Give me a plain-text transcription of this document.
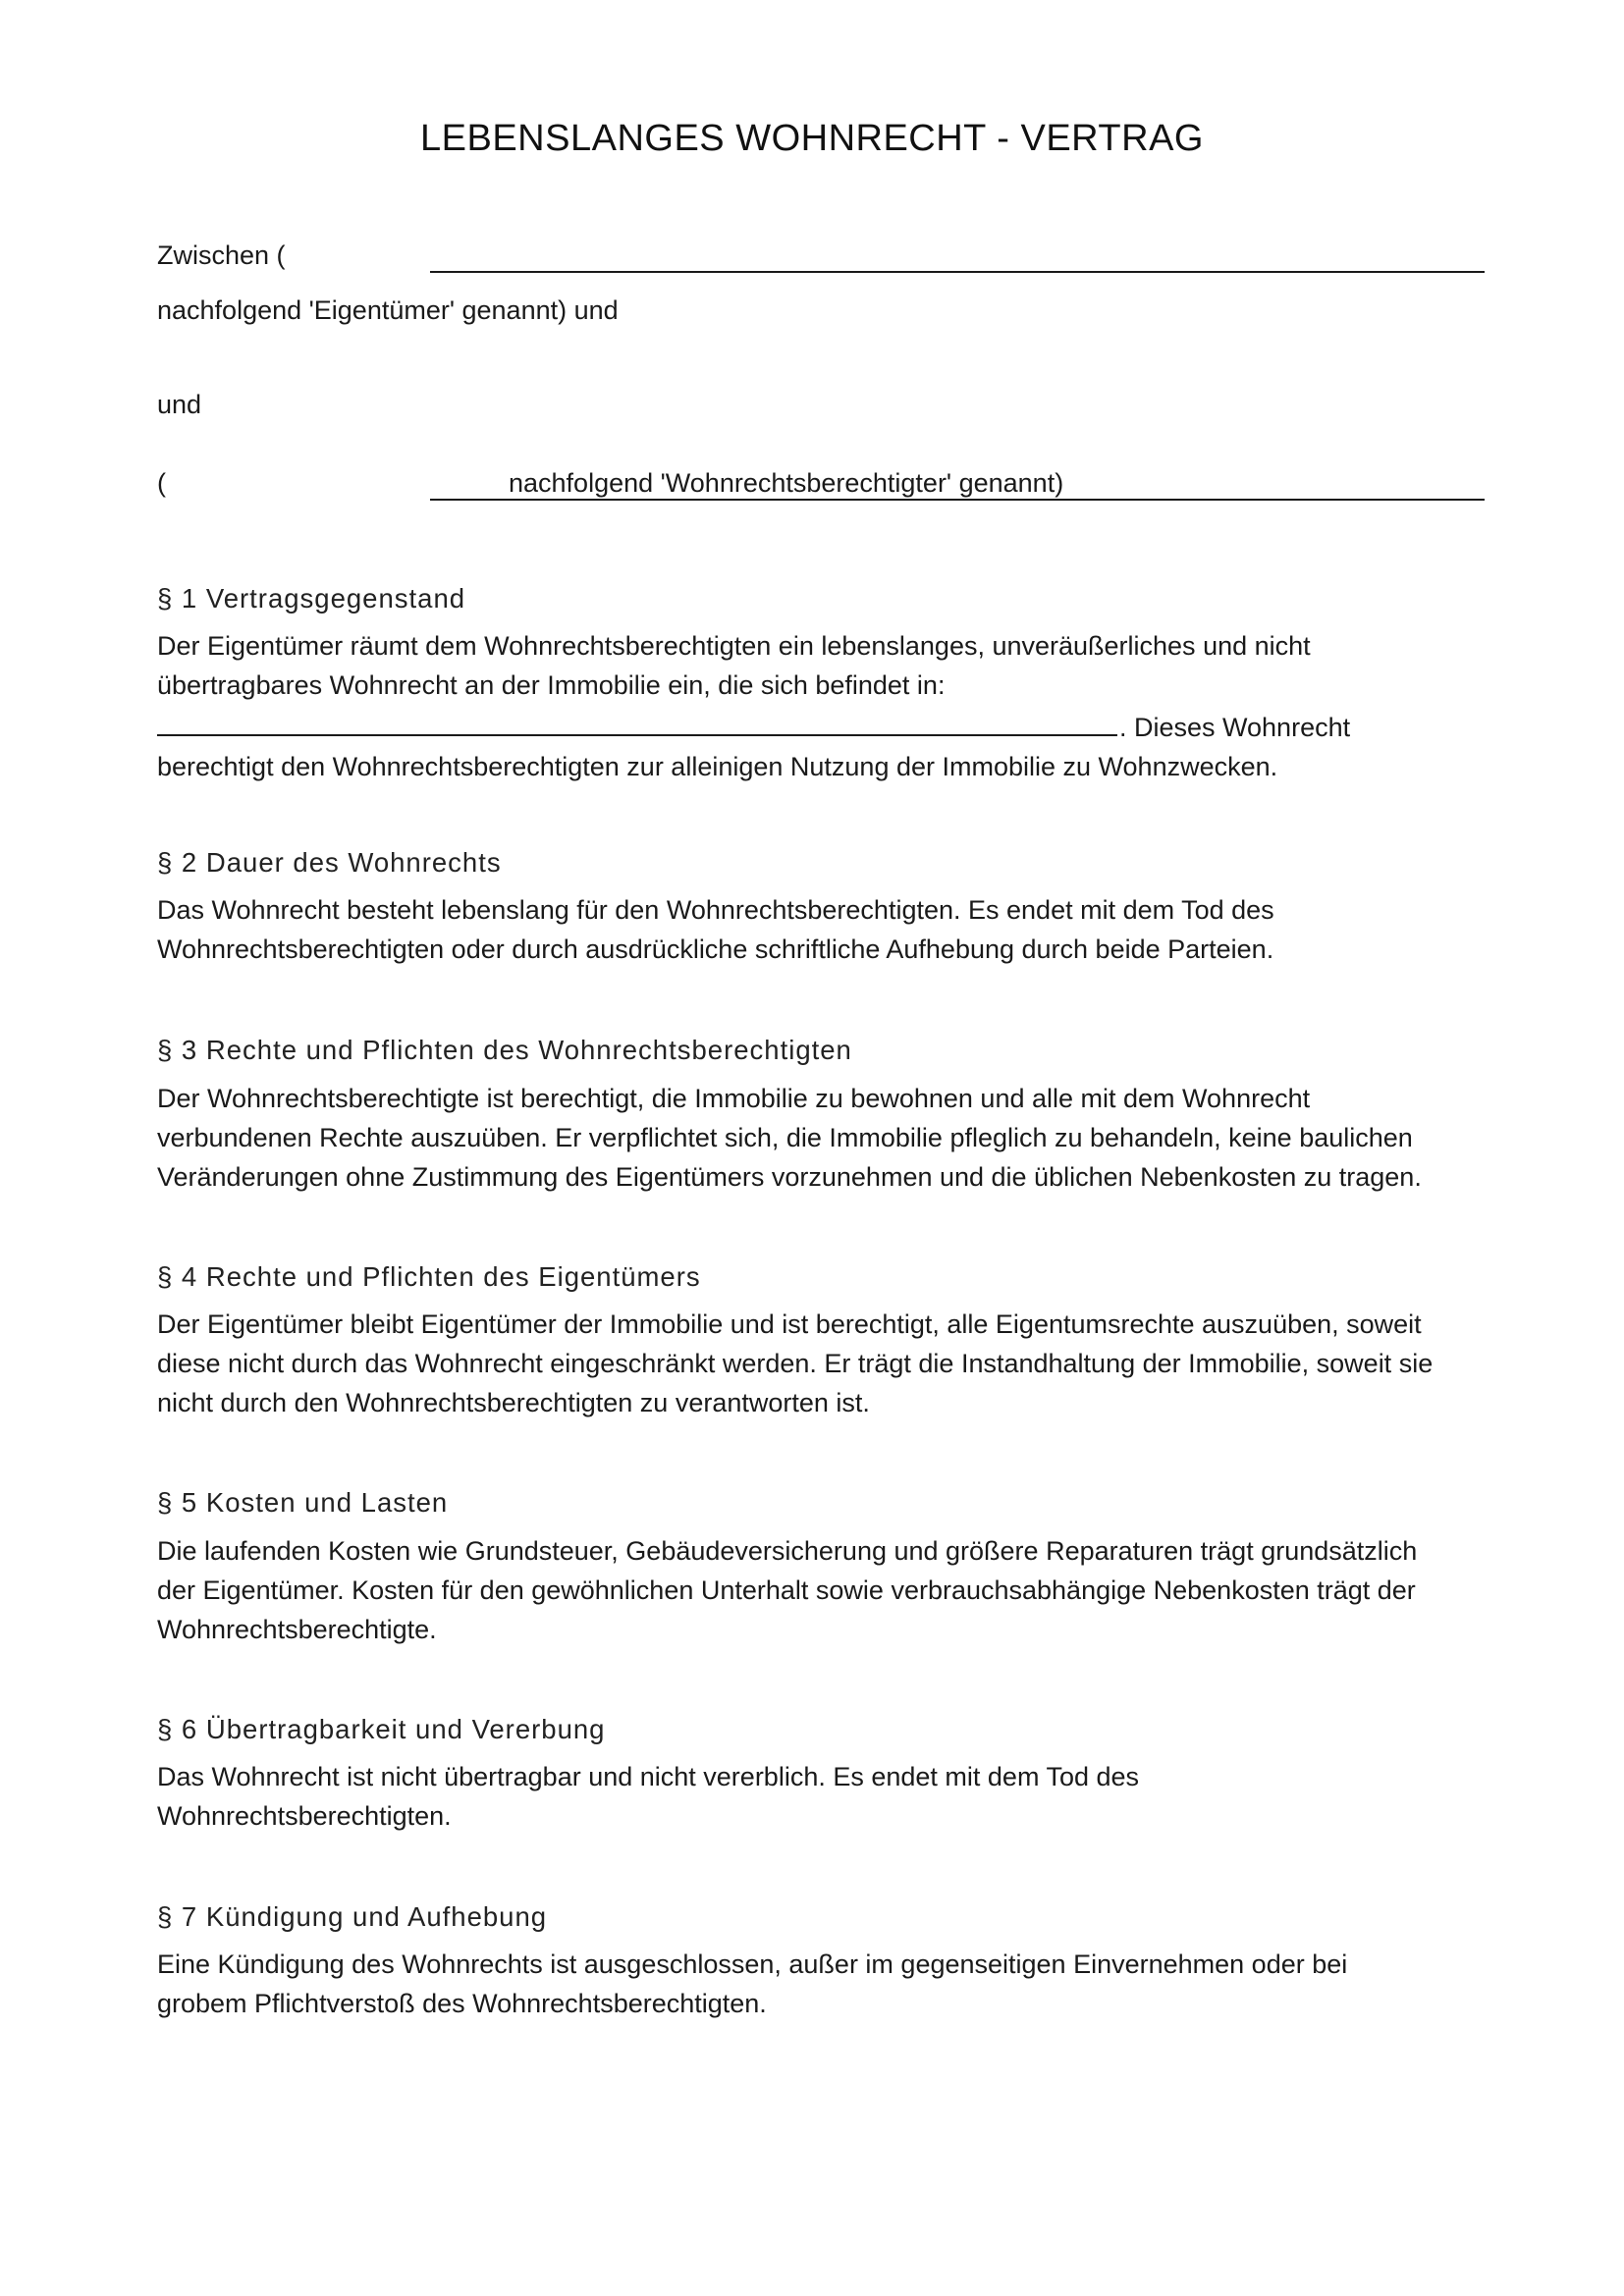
LEBENSLANGES WOHNRECHT - VERTRAG
Zwischen (
nachfolgend 'Eigentümer' genannt) und
und
(	nachfolgend 'Wohnrechtsberechtigter' genannt)
§ 1 Vertragsgegenstand
Der Eigentümer räumt dem Wohnrechtsberechtigten ein lebenslanges, unveräußerliches und nicht
übertragbares Wohnrecht an der Immobilie ein, die sich befindet in:
. Dieses Wohnrecht
berechtigt den Wohnrechtsberechtigten zur alleinigen Nutzung der Immobilie zu Wohnzwecken.
§ 2 Dauer des Wohnrechts
Das Wohnrecht besteht lebenslang für den Wohnrechtsberechtigten. Es endet mit dem Tod des
Wohnrechtsberechtigten oder durch ausdrückliche schriftliche Aufhebung durch beide Parteien.
§ 3 Rechte und Pflichten des Wohnrechtsberechtigten
Der Wohnrechtsberechtigte ist berechtigt, die Immobilie zu bewohnen und alle mit dem Wohnrecht
verbundenen Rechte auszuüben. Er verpflichtet sich, die Immobilie pfleglich zu behandeln, keine baulichen
Veränderungen ohne Zustimmung des Eigentümers vorzunehmen und die üblichen Nebenkosten zu tragen.
§ 4 Rechte und Pflichten des Eigentümers
Der Eigentümer bleibt Eigentümer der Immobilie und ist berechtigt, alle Eigentumsrechte auszuüben, soweit
diese nicht durch das Wohnrecht eingeschränkt werden. Er trägt die Instandhaltung der Immobilie, soweit sie
nicht durch den Wohnrechtsberechtigten zu verantworten ist.
§ 5 Kosten und Lasten
Die laufenden Kosten wie Grundsteuer, Gebäudeversicherung und größere Reparaturen trägt grundsätzlich
der Eigentümer. Kosten für den gewöhnlichen Unterhalt sowie verbrauchsabhängige Nebenkosten trägt der
Wohnrechtsberechtigte.
§ 6 Übertragbarkeit und Vererbung
Das Wohnrecht ist nicht übertragbar und nicht vererblich. Es endet mit dem Tod des
Wohnrechtsberechtigten.
§ 7 Kündigung und Aufhebung
Eine Kündigung des Wohnrechts ist ausgeschlossen, außer im gegenseitigen Einvernehmen oder bei
grobem Pflichtverstoß des Wohnrechtsberechtigten.
